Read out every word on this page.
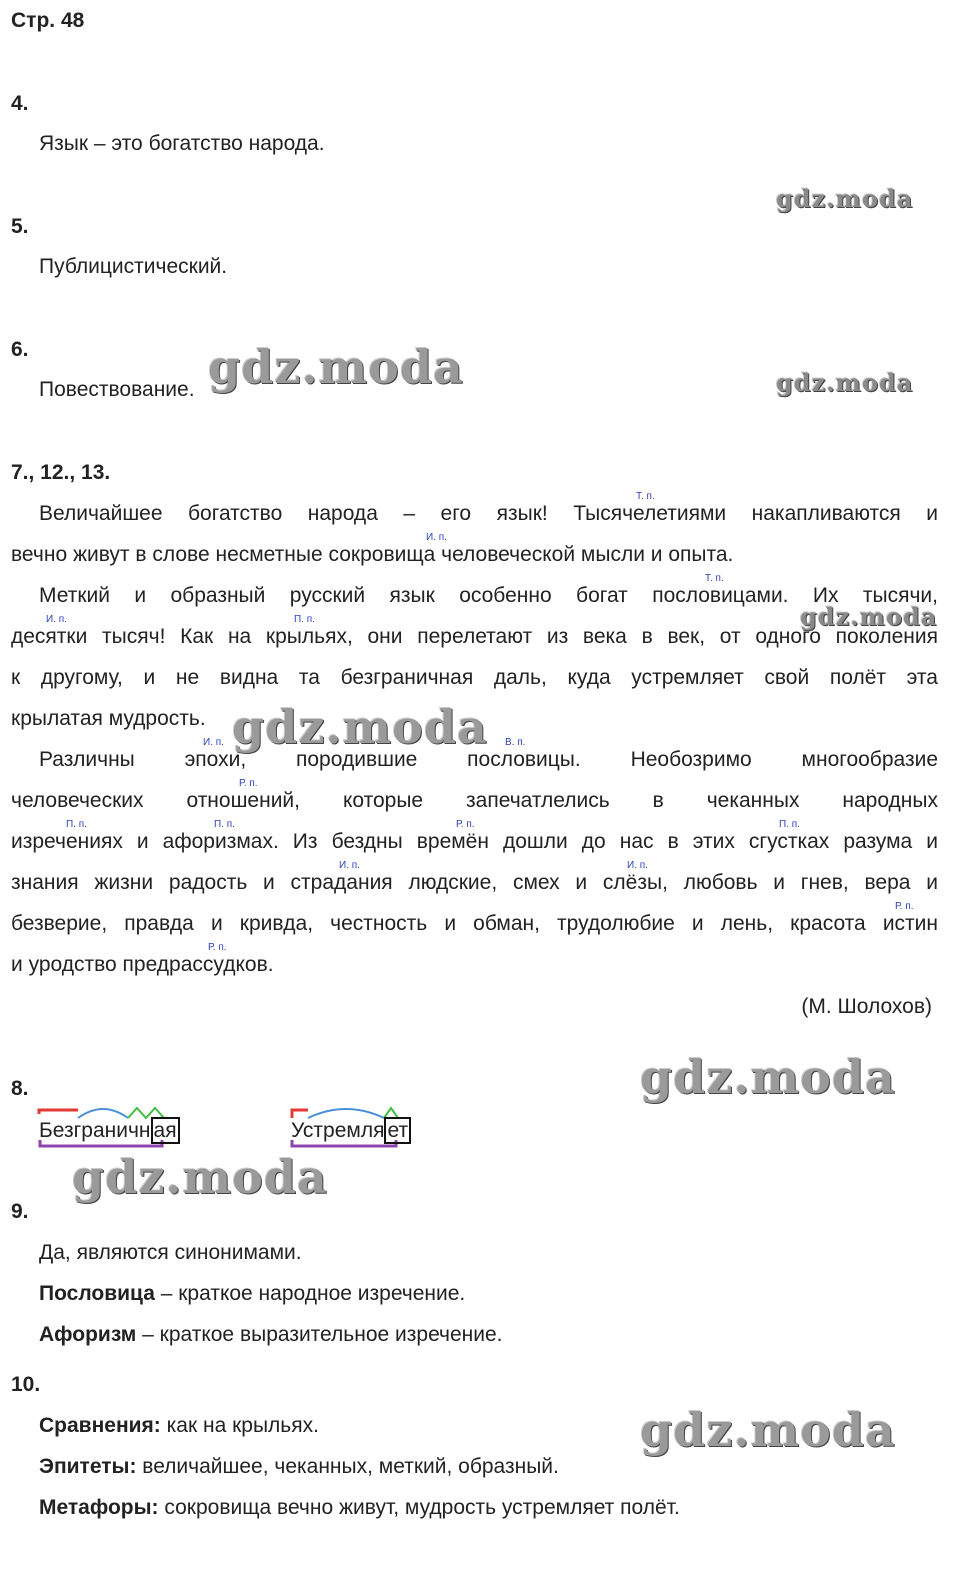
Стр. 48
4.
Язык – это богатство народа.
gdz.moda
5.
Публицистический.
6.
Повествование. gdz.moda	gdz.moda
7., 12., 13.
Величайшее богатство народа – его язык! Тысячелетиями накапливаются и
вечно живут в слове несметные сокровища человеческой мысли и опыта.
Меткий и образный русский язык особенно богат пословицами. Их тысячи,
десятки тысяч! Как на крыльях, они перелетают из века в век, от одного поколения
к другому, и не видна та безграничная даль, куда устремляет свой полёт эта
крылатая мудрость.
Различны эпохи, породившие пословицы. Необозримо многообразие
человеческих отношений, которые запечатлелись в чеканных народных
изречениях и афоризмах. Из бездны времён дошли до нас в этих сгустках разума и
знания жизни радость и страдания людские, смех и слёзы, любовь и гнев, вера и
безверие, правда и кривда, честность и обман, трудолюбие и лень, красота истин
и уродство предрассудков.
Т. п.
И. п.
Т. п.
И. п.	П. п.
И. п.	В. п.
Р. п.
П. п.	П. п.	Р. п.	П. п.
И. п.	И. п.
Р. п.
Р. п.
gdz.moda
gdz.moda
(М. Шолохов)
8.	gdz.moda
Безграничн ая	Устремля ет
gdz.moda
9.
Да, являются синонимами.
Пословица – краткое народное изречение.
Афоризм – краткое выразительное изречение.
10.
Сравнения: как на крыльях.
Эпитеты: величайшее, чеканных, меткий, образный.
Метафоры: сокровища вечно живут, мудрость устремляет полёт.
gdz.moda
